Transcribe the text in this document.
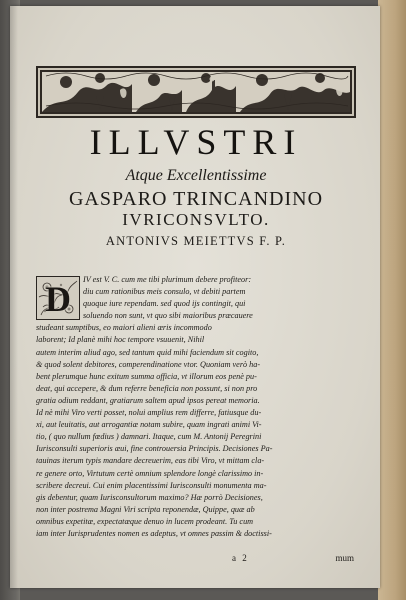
ILLVSTRI
Atque Excellentissime
GASPARO TRINCANDINO
IVRICONSVLTO.
ANTONIVS MEIETTVS F. P.
IV est V. C. cum me tibi plurimum debere profiteor:
diu cum rationibus meis consulo, vt debiti partem
quoque iure rependam. sed quod ijs contingit, qui
soluendo non sunt, vt quo sibi maioribus præcauere
studeant sumptibus, eo maiori alieni æris incommodo
laborent; Id planè mihi hoc tempore vsuuenit, Nihil
autem interim aliud ago, sed tantum quid mihi faciendum sit cogito,
& quod solent debitores, comperendinatione vtor. Quoniam verò ha-
bent plerumque hunc exitum summa officia, vt illorum eos penè pu-
deat, qui accepere, & dum referre beneficia non possunt, si non pro
gratia odium reddant, gratiarum saltem apud ipsos pereat memoria.
Id nè mihi Viro verti posset, nolui amplius rem differre, fatiusque du-
xi, aut leuitatis, aut arrogantiæ notam subire, quam ingrati animi Vi-
tio, ( quo nullum fœdius ) damnari. Itaque, cum M. Antonij Peregrini
Iurisconsulti superioris æui, fine controuersia Principis. Decisiones Pa-
tauinas iterum typis mandare decreuerim, eas tibi Viro, vt mittam cla-
re genere orto, Virtutum certè omnium splendore longè clarissimo in-
scribere decreui. Cui enim placentissimi Iurisconsulti monumenta ma-
gis debentur, quam Iurisconsultorum maximo? Hæ porrò Decisiones,
non inter postrema Magni Viri scripta reponendæ, Quippe, quæ ab
omnibus expetitæ, expectatæque denuo in lucem prodeant. Tu cum
iam inter Iurisprudentes nomen es adeptus, vt omnes passim & doctissi-
D
a 2	mum
